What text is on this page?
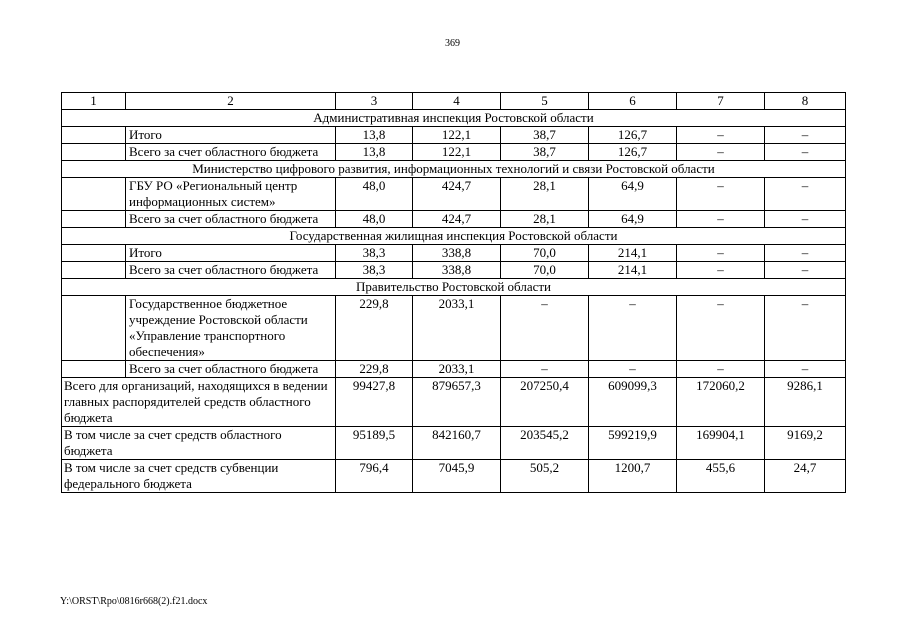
369
1	2	3	4	5	6	7	8
Административная инспекция Ростовской области							
	Итого	13,8	122,1	38,7	126,7	–	–
	Всего за счет областного бюджета	13,8	122,1	38,7	126,7	–	–
Министерство цифрового развития, информационных технологий и связи Ростовской области							
	ГБУ РО «Региональный центр информационных систем»	48,0	424,7	28,1	64,9	–	–
	Всего за счет областного бюджета	48,0	424,7	28,1	64,9	–	–
Государственная жилищная инспекция Ростовской области							
	Итого	38,3	338,8	70,0	214,1	–	–
	Всего за счет областного бюджета	38,3	338,8	70,0	214,1	–	–
Правительство Ростовской области							
	Государственное бюджетное учреждение Ростовской области «Управление транспортного обеспечения»	229,8	2033,1	–	–	–	–
	Всего за счет областного бюджета	229,8	2033,1	–	–	–	–
Всего для организаций, находящихся в ведении главных распорядителей средств областного бюджета		99427,8	879657,3	207250,4	609099,3	172060,2	9286,1
В том числе за счет средств областного бюджета		95189,5	842160,7	203545,2	599219,9	169904,1	9169,2
В том числе за счет средств субвенции федерального бюджета		796,4	7045,9	505,2	1200,7	455,6	24,7
Y:\ORST\Rpo\0816r668(2).f21.docx
